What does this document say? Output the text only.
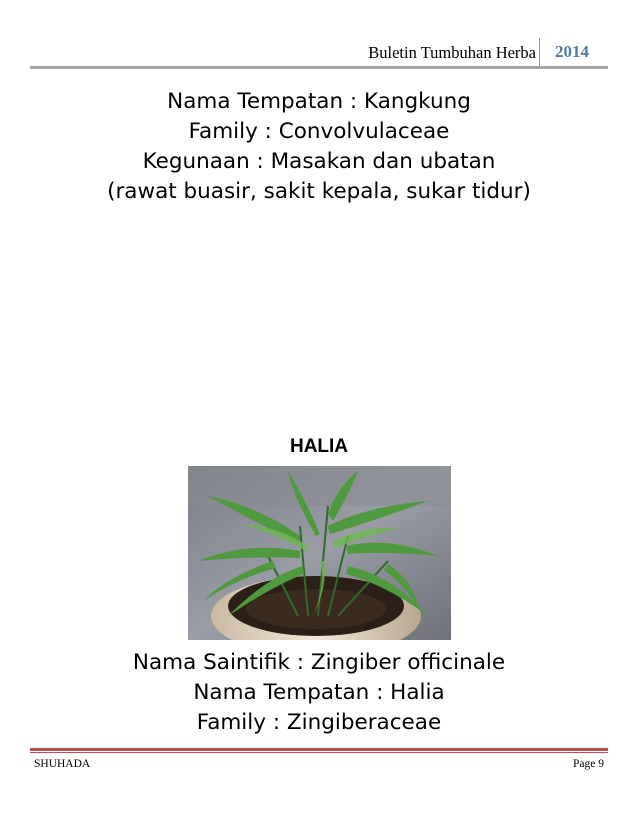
Buletin Tumbuhan Herba 2014
Nama Tempatan : Kangkung
Family : Convolvulaceae
Kegunaan : Masakan dan ubatan
(rawat buasir, sakit kepala, sukar tidur)
HALIA
Nama Saintifik : Zingiber officinale
Nama Tempatan : Halia
Family : Zingiberaceae
SHUHADA	Page 9
